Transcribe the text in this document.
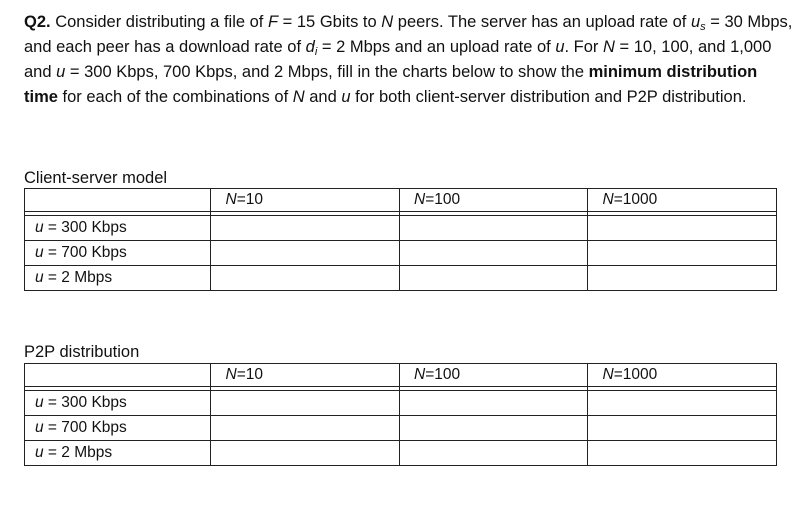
Q2. Consider distributing a file of F = 15 Gbits to N peers. The server has an upload rate of $u_s = 30$ Mbps, and each peer has a download rate of $d_i = 2$ Mbps and an upload rate of u. For N = 10, 100, and 1,000 and u = 300 Kbps, 700 Kbps, and 2 Mbps, fill in the charts below to show the minimum distribution time for each of the combinations of N and u for both client-server distribution and P2P distribution.

Client-server model

	N=10	N=100	N=1000

u = 300 Kbps			
u = 700 Kbps			
u = 2 Mbps			

P2P distribution

	N=10	N=100	N=1000

u = 300 Kbps			
u = 700 Kbps			
u = 2 Mbps			
